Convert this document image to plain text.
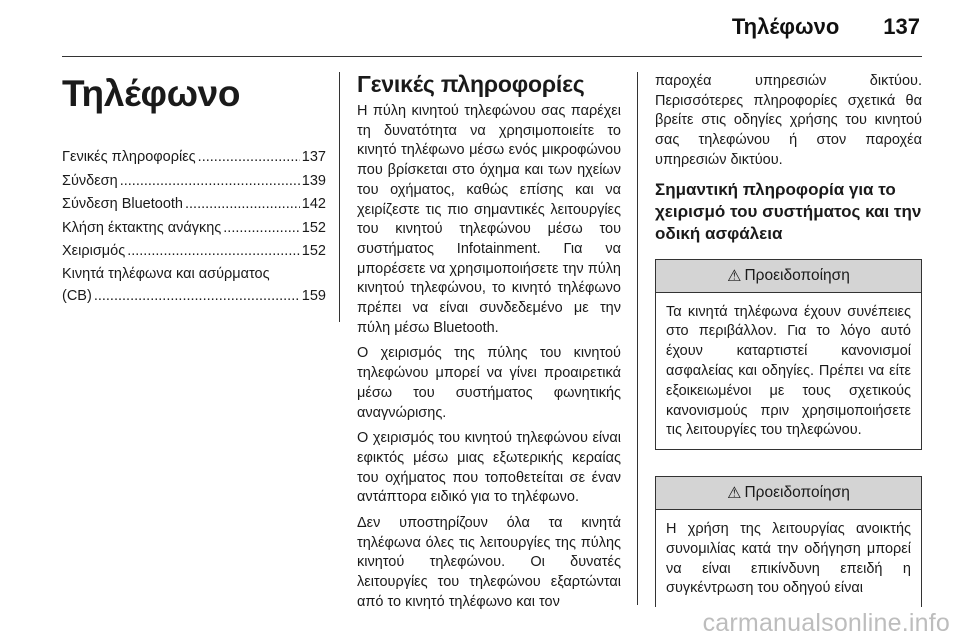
Τηλέφωνο 137
Τηλέφωνο
Γενικές πληροφορίες .....	137
Σύνδεση .....	139
Σύνδεση Bluetooth .....	142
Κλήση έκτακτης ανάγκης .....	152
Χειρισμός .....	152
Κινητά τηλέφωνα και ασύρματος
(CB) .....	159
Γενικές πληροφορίες

Η πύλη κινητού τηλεφώνου σας παρέχει τη δυνατότητα να χρησιμοποιείτε το κινητό τηλέφωνο μέσω ενός μικροφώνου που βρίσκεται στο όχημα και των ηχείων του οχήματος, καθώς επίσης και να χειρίζεστε τις πιο σημαντικές λειτουργίες του κινητού τηλεφώνου μέσω του συστήματος Infotainment. Για να μπορέσετε να χρησιμοποιήσετε την πύλη κινητού τηλεφώνου, το κινητό τηλέφωνο πρέπει να είναι συνδεδεμένο με την πύλη μέσω Bluetooth.

Ο χειρισμός της πύλης του κινητού τηλεφώνου μπορεί να γίνει προαιρετικά μέσω του συστήματος φωνητικής αναγνώρισης.

Ο χειρισμός του κινητού τηλεφώνου είναι εφικτός μέσω μιας εξωτερικής κεραίας του οχήματος που τοποθετείται σε έναν αντάπτορα ειδικό για το τηλέφωνο.

Δεν υποστηρίζουν όλα τα κινητά τηλέφωνα όλες τις λειτουργίες της πύλης κινητού τηλεφώνου. Οι δυνατές λειτουργίες του τηλεφώνου εξαρτώνται από το κινητό τηλέφωνο και τον

παροχέα υπηρεσιών δικτύου. Περισσότερες πληροφορίες σχετικά θα βρείτε στις οδηγίες χρήσης του κινητού σας τηλεφώνου ή στον παροχέα υπηρεσιών δικτύου.

Σημαντική πληροφορία για το χειρισμό του συστήματος και την οδική ασφάλεια
⚠ Προειδοποίηση
Τα κινητά τηλέφωνα έχουν συνέπειες στο περιβάλλον. Για το λόγο αυτό έχουν καταρτιστεί κανονισμοί ασφαλείας και οδηγίες. Πρέπει να είτε εξοικειωμένοι με τους σχετικούς κανονισμούς πριν χρησιμοποιήσετε τις λειτουργίες του τηλεφώνου.
⚠ Προειδοποίηση
Η χρήση της λειτουργίας ανοικτής συνομιλίας κατά την οδήγηση μπορεί να είναι επικίνδυνη επειδή η συγκέντρωση του οδηγού είναι
carmanualsonline.info
